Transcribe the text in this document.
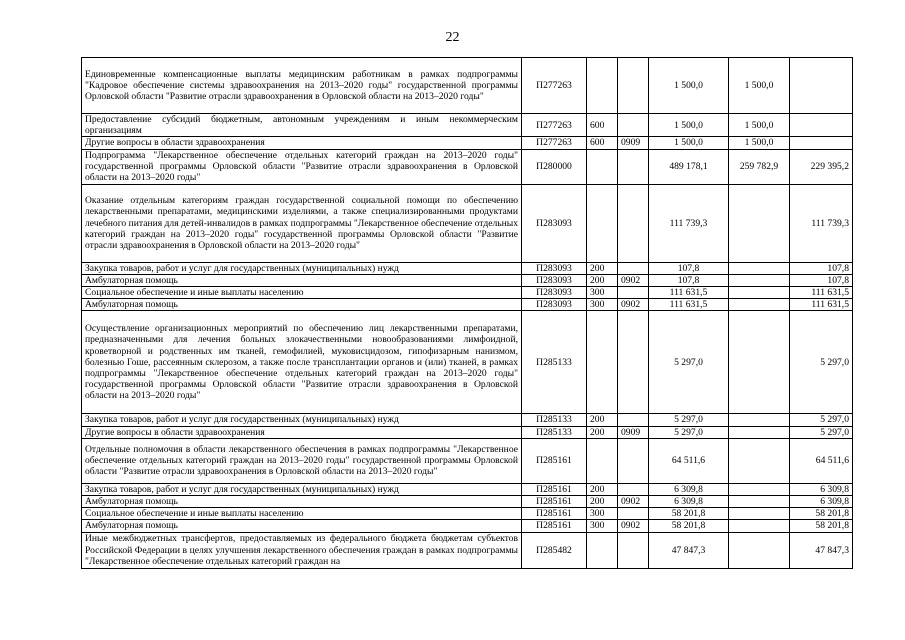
22
Единовременные компенсационные выплаты медицинским работникам в рамках подпрограммы "Кадровое обеспечение системы здравоохранения на 2013–2020 годы" государственной программы Орловской области "Развитие отрасли здравоохранения в Орловской области на 2013–2020 годы"	П277263			1 500,0	1 500,0	
Предоставление субсидий бюджетным, автономным учреждениям и иным некоммерческим организациям	П277263	600		1 500,0	1 500,0	
Другие вопросы в области здравоохранения	П277263	600	0909	1 500,0	1 500,0	
Подпрограмма "Лекарственное обеспечение отдельных категорий граждан на 2013–2020 годы" государственной программы Орловской области "Развитие отрасли здравоохранения в Орловской области на 2013–2020 годы"	П280000			489 178,1	259 782,9	229 395,2
Оказание отдельным категориям граждан государственной социальной помощи по обеспечению лекарственными препаратами, медицинскими изделиями, а также специализированными продуктами лечебного питания для детей-инвалидов в рамках подпрограммы "Лекарственное обеспечение отдельных категорий граждан на 2013–2020 годы" государственной программы Орловской области "Развитие отрасли здравоохранения в Орловской области на 2013–2020 годы"	П283093			111 739,3		111 739,3
Закупка товаров, работ и услуг для государственных (муниципальных) нужд	П283093	200		107,8		107,8
Амбулаторная помощь	П283093	200	0902	107,8		107,8
Социальное обеспечение и иные выплаты населению	П283093	300		111 631,5		111 631,5
Амбулаторная помощь	П283093	300	0902	111 631,5		111 631,5
Осуществление организационных мероприятий по обеспечению лиц лекарственными препаратами, предназначенными для лечения больных злокачественными новообразованиями лимфоидной, кроветворной и родственных им тканей, гемофилией, муковисцидозом, гипофизарным нанизмом, болезнью Гоше, рассеянным склерозом, а также после трансплантации органов и (или) тканей, в рамках подпрограммы "Лекарственное обеспечение отдельных категорий граждан на 2013–2020 годы" государственной программы Орловской области "Развитие отрасли здравоохранения в Орловской области на 2013–2020 годы"	П285133			5 297,0		5 297,0
Закупка товаров, работ и услуг для государственных (муниципальных) нужд	П285133	200		5 297,0		5 297,0
Другие вопросы в области здравоохранения	П285133	200	0909	5 297,0		5 297,0
Отдельные полномочия в области лекарственного обеспечения в рамках подпрограммы "Лекарственное обеспечение отдельных категорий граждан на 2013–2020 годы" государственной программы Орловской области "Развитие отрасли здравоохранения в Орловской области на 2013–2020 годы"	П285161			64 511,6		64 511,6
Закупка товаров, работ и услуг для государственных (муниципальных) нужд	П285161	200		6 309,8		6 309,8
Амбулаторная помощь	П285161	200	0902	6 309,8		6 309,8
Социальное обеспечение и иные выплаты населению	П285161	300		58 201,8		58 201,8
Амбулаторная помощь	П285161	300	0902	58 201,8		58 201,8
Иные межбюджетных трансфертов, предоставляемых из федерального бюджета бюджетам субъектов Российской Федерации в целях улучшения лекарственного обеспечения граждан в рамках подпрограммы "Лекарственное обеспечение отдельных категорий граждан на	П285482			47 847,3		47 847,3
